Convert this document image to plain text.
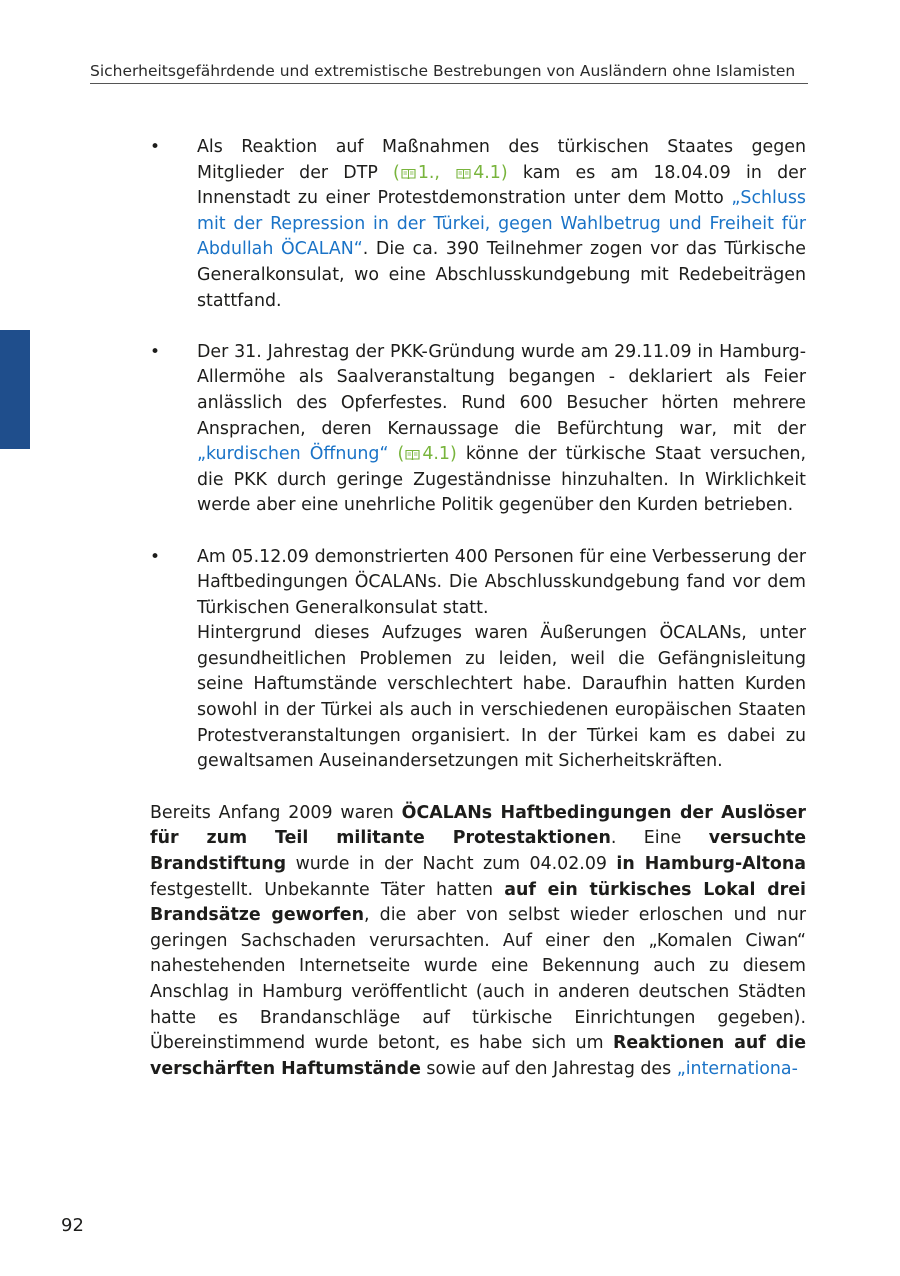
Sicherheitsgefährdende und extremistische Bestrebungen von Ausländern ohne Islamisten
• Als Reaktion auf Maßnahmen des türkischen Staates gegen Mitglieder der DTP ( 1., 4.1) kam es am 18.04.09 in der Innenstadt zu einer Protestdemonstration unter dem Motto „Schluss mit der Repression in der Türkei, gegen Wahlbetrug und Freiheit für Abdullah ÖCALAN“. Die ca. 390 Teilnehmer zogen vor das Türkische Generalkonsulat, wo eine Abschlusskundgebung mit Redebeiträgen stattfand.

• Der 31. Jahrestag der PKK-Gründung wurde am 29.11.09 in Hamburg-Allermöhe als Saalveranstaltung begangen - deklariert als Feier anlässlich des Opferfestes. Rund 600 Besucher hörten mehrere Ansprachen, deren Kernaussage die Befürchtung war, mit der „kurdischen Öffnung“ ( 4.1) könne der türkische Staat versuchen, die PKK durch geringe Zugeständnisse hinzuhalten. In Wirklichkeit werde aber eine unehrliche Politik gegenüber den Kurden betrieben.

• Am 05.12.09 demonstrierten 400 Personen für eine Verbesserung der Haftbedingungen ÖCALANs. Die Abschlusskundgebung fand vor dem Türkischen Generalkonsulat statt.

Hintergrund dieses Aufzuges waren Äußerungen ÖCALANs, unter gesundheitlichen Problemen zu leiden, weil die Gefängnisleitung seine Haftumstände verschlechtert habe. Daraufhin hatten Kurden sowohl in der Türkei als auch in verschiedenen europäischen Staaten Protestveranstaltungen organisiert. In der Türkei kam es dabei zu gewaltsamen Auseinandersetzungen mit Sicherheitskräften.

Bereits Anfang 2009 waren ÖCALANs Haftbedingungen der Auslöser für zum Teil militante Protestaktionen. Eine versuchte Brandstiftung wurde in der Nacht zum 04.02.09 in Hamburg-Altona festgestellt. Unbekannte Täter hatten auf ein türkisches Lokal drei Brandsätze geworfen, die aber von selbst wieder erloschen und nur geringen Sachschaden verursachten. Auf einer den „Komalen Ciwan“ nahestehenden Internetseite wurde eine Bekennung auch zu diesem Anschlag in Hamburg veröffentlicht (auch in anderen deutschen Städten hatte es Brandanschläge auf türkische Einrichtungen gegeben). Übereinstimmend wurde betont, es habe sich um Reaktionen auf die verschärften Haftumstände sowie auf den Jahrestag des „internationa-

92
